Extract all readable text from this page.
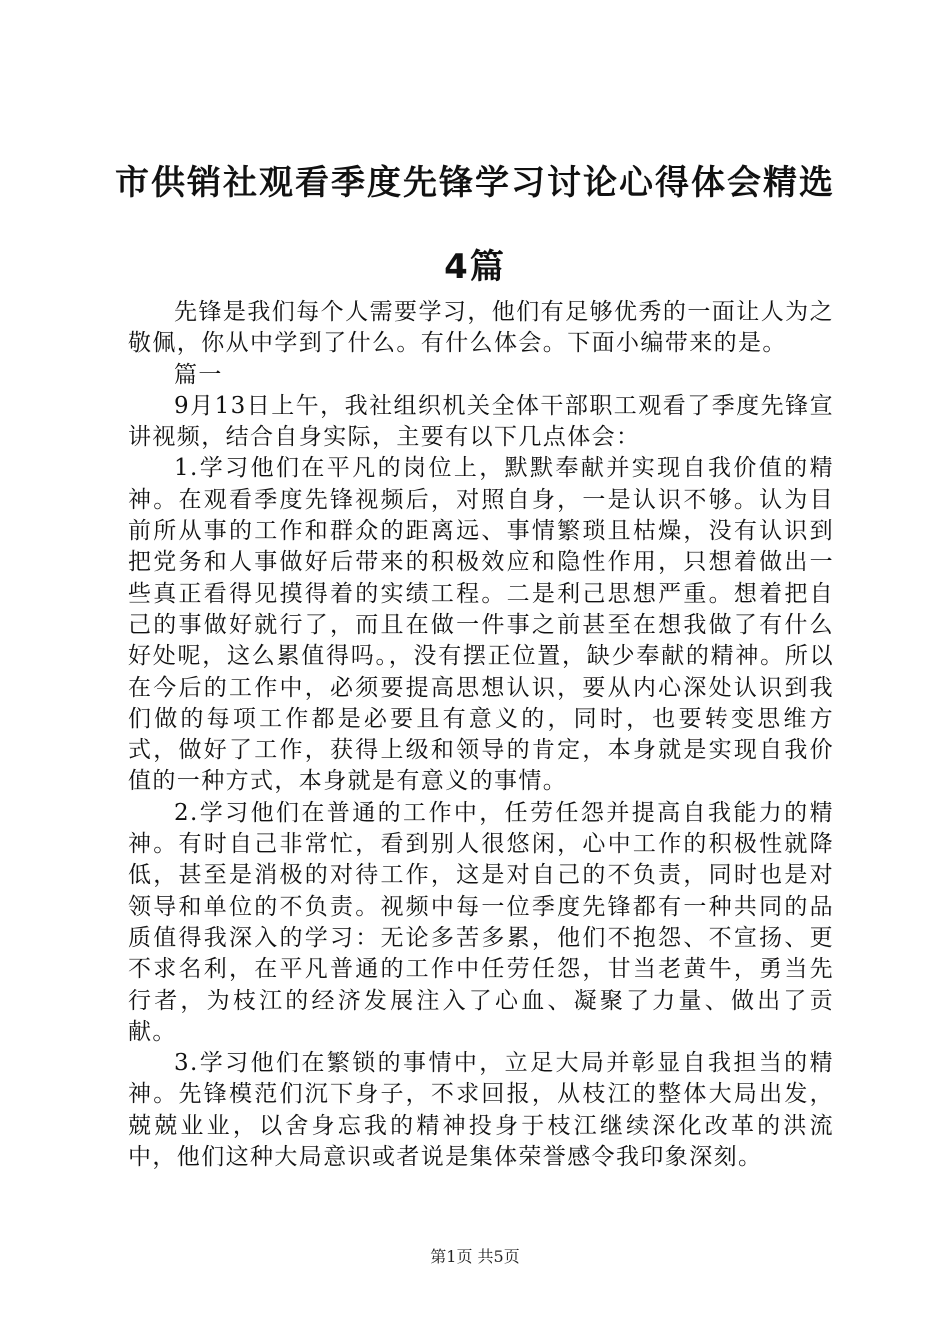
市供销社观看季度先锋学习讨论心得体会精选
4篇

先锋是我们每个人需要学习，他们有足够优秀的一面让人为之敬佩，你从中学到了什么。有什么体会。下面小编带来的是。

篇一

9月13日上午，我社组织机关全体干部职工观看了季度先锋宣讲视频，结合自身实际，主要有以下几点体会：

1.学习他们在平凡的岗位上，默默奉献并实现自我价值的精神。在观看季度先锋视频后，对照自身，一是认识不够。认为目前所从事的工作和群众的距离远、事情繁琐且枯燥，没有认识到把党务和人事做好后带来的积极效应和隐性作用，只想着做出一些真正看得见摸得着的实绩工程。二是利己思想严重。想着把自己的事做好就行了，而且在做一件事之前甚至在想我做了有什么好处呢，这么累值得吗。，没有摆正位置，缺少奉献的精神。所以在今后的工作中，必须要提高思想认识，要从内心深处认识到我们做的每项工作都是必要且有意义的，同时，也要转变思维方式，做好了工作，获得上级和领导的肯定，本身就是实现自我价值的一种方式，本身就是有意义的事情。

2.学习他们在普通的工作中，任劳任怨并提高自我能力的精神。有时自己非常忙，看到别人很悠闲，心中工作的积极性就降低，甚至是消极的对待工作，这是对自己的不负责，同时也是对领导和单位的不负责。视频中每一位季度先锋都有一种共同的品质值得我深入的学习：无论多苦多累，他们不抱怨、不宣扬、更不求名利，在平凡普通的工作中任劳任怨，甘当老黄牛，勇当先行者，为枝江的经济发展注入了心血、凝聚了力量、做出了贡献。

3.学习他们在繁锁的事情中，立足大局并彰显自我担当的精神。先锋模范们沉下身子，不求回报，从枝江的整体大局出发，兢兢业业，以舍身忘我的精神投身于枝江继续深化改革的洪流中，他们这种大局意识或者说是集体荣誉感令我印象深刻。

第1页 共5页
